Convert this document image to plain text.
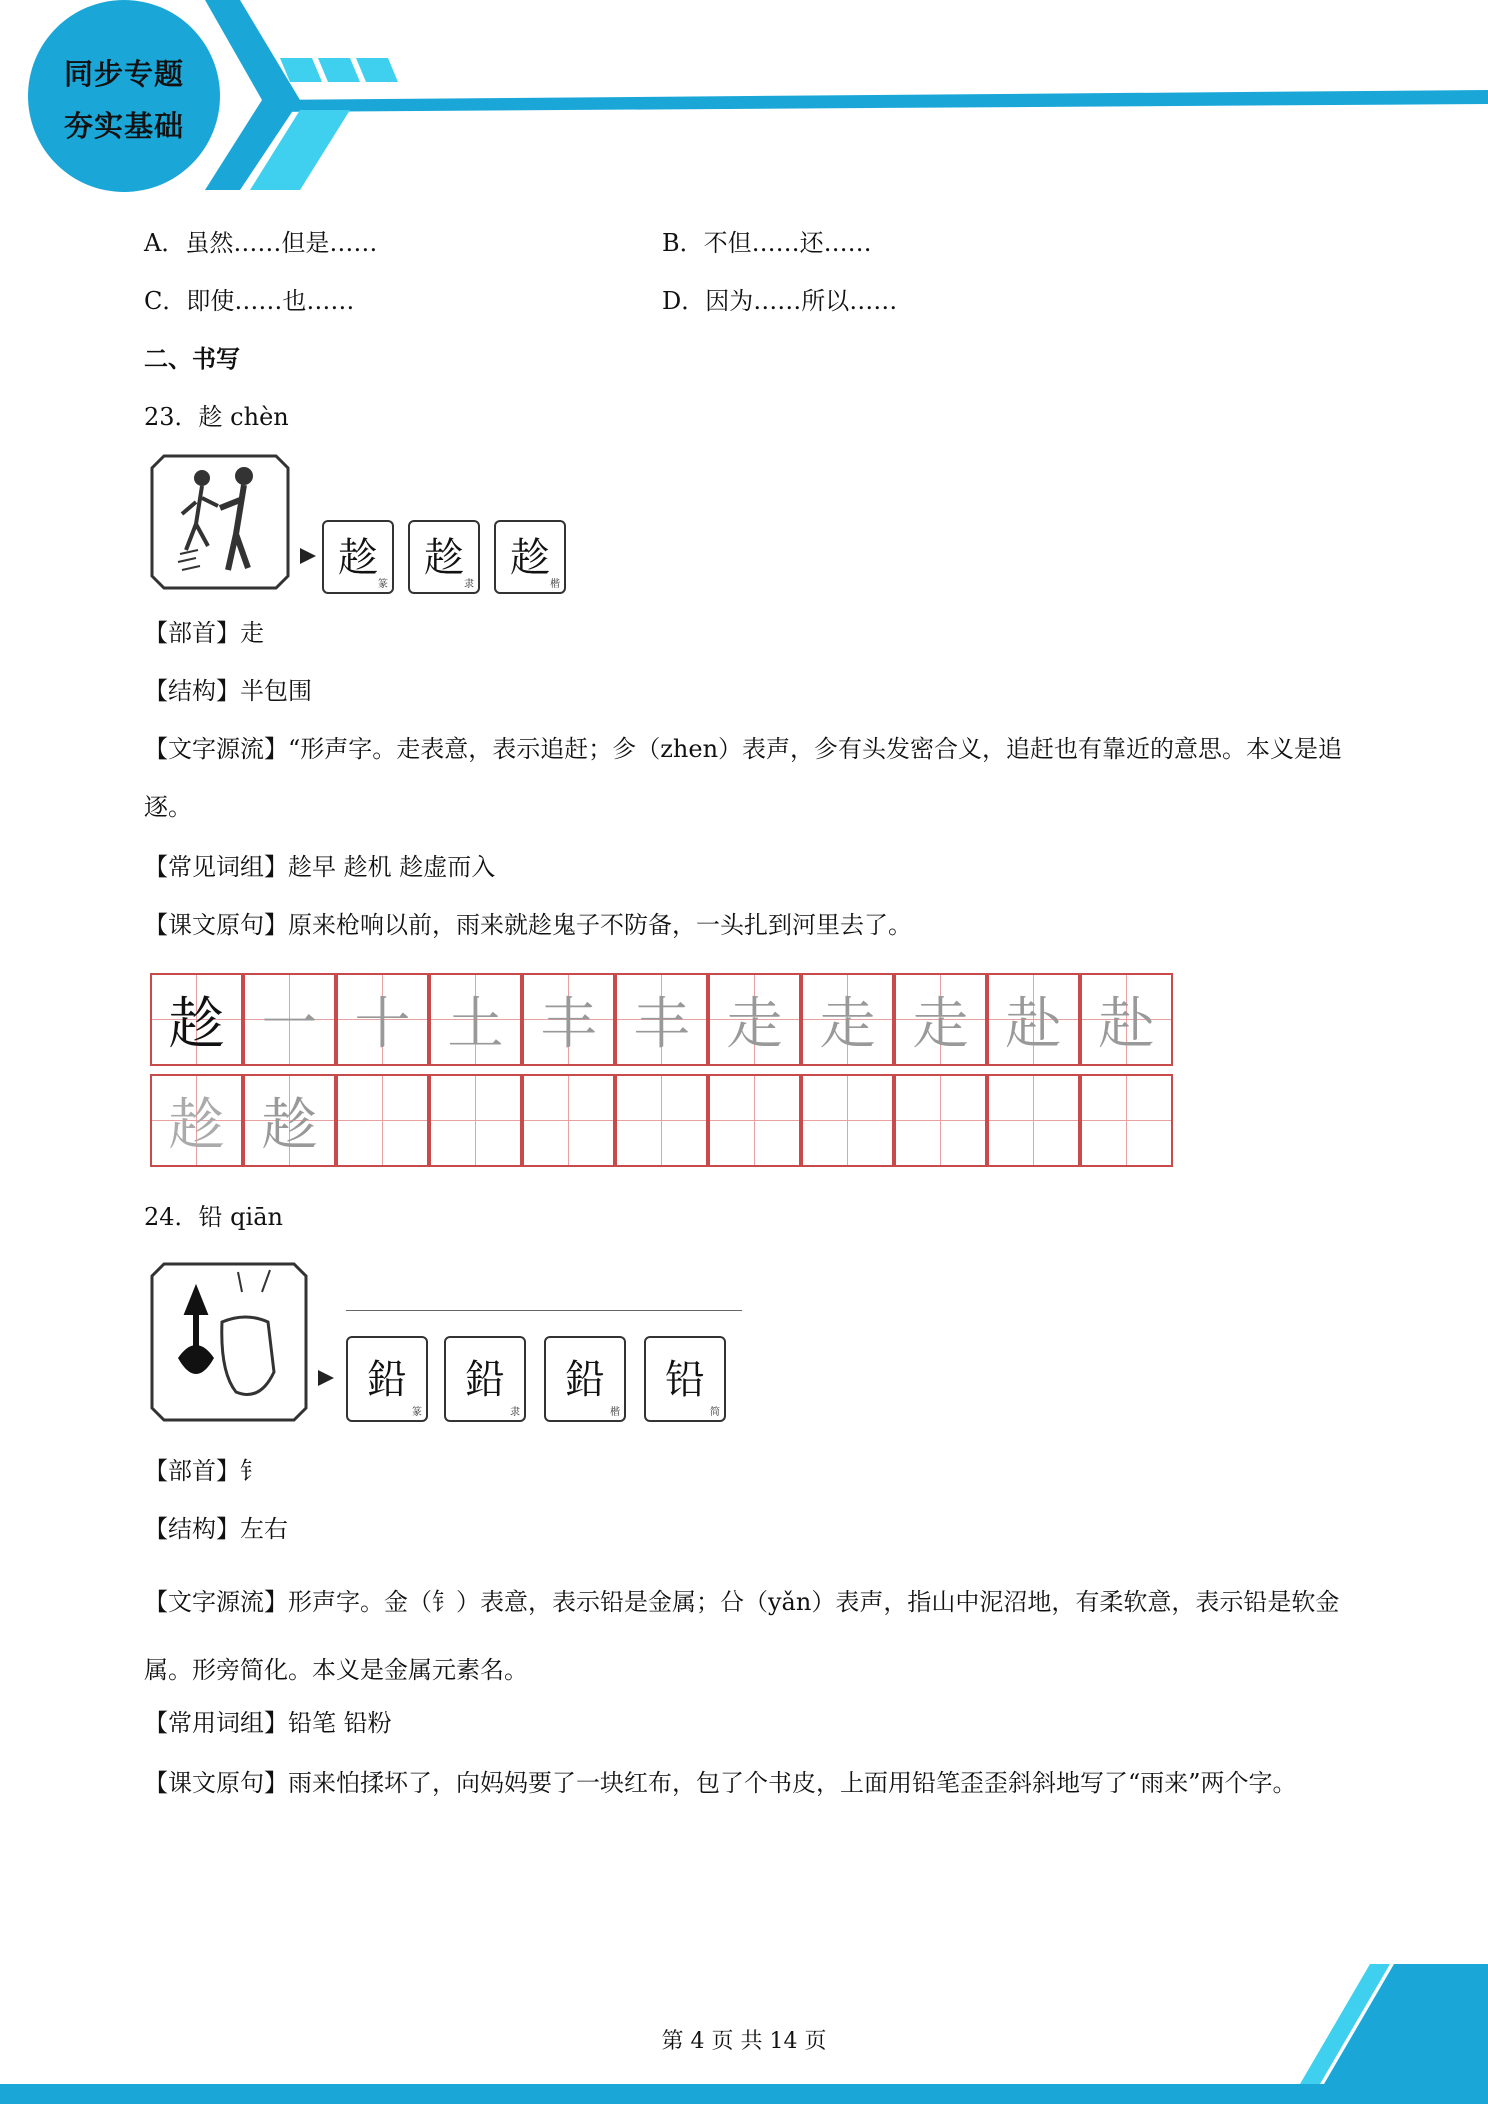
同步专题
夯实基础
A．虽然……但是……	B．不但……还……
C．即使……也……	D．因为……所以……
二、书写
23．趁 chèn
趁
篆
趁
隶
趁
楷
【部首】走
【结构】半包围
【文字源流】“形声字。走表意，表示追赶；㐱（zhen）表声，㐱有头发密合义，追赶也有靠近的意思。本义是追逐。
【常见词组】趁早 趁机 趁虚而入
【课文原句】原来枪响以前，雨来就趁鬼子不防备，一头扎到河里去了。
趁 一 十 土 丰 丰 走 走 走 赴 赴
趁 趁
24．铅 qiān
鉛
篆
鉛
隶
鉛
楷
铅
简
【部首】钅
【结构】左右
【文字源流】形声字。金（钅）表意，表示铅是金属；㕣（yǎn）表声，指山中泥沼地，有柔软意，表示铅是软金属。形旁简化。本义是金属元素名。
【常用词组】铅笔 铅粉
【课文原句】雨来怕揉坏了，向妈妈要了一块红布，包了个书皮，上面用铅笔歪歪斜斜地写了“雨来”两个字。
第 4 页 共 14 页
